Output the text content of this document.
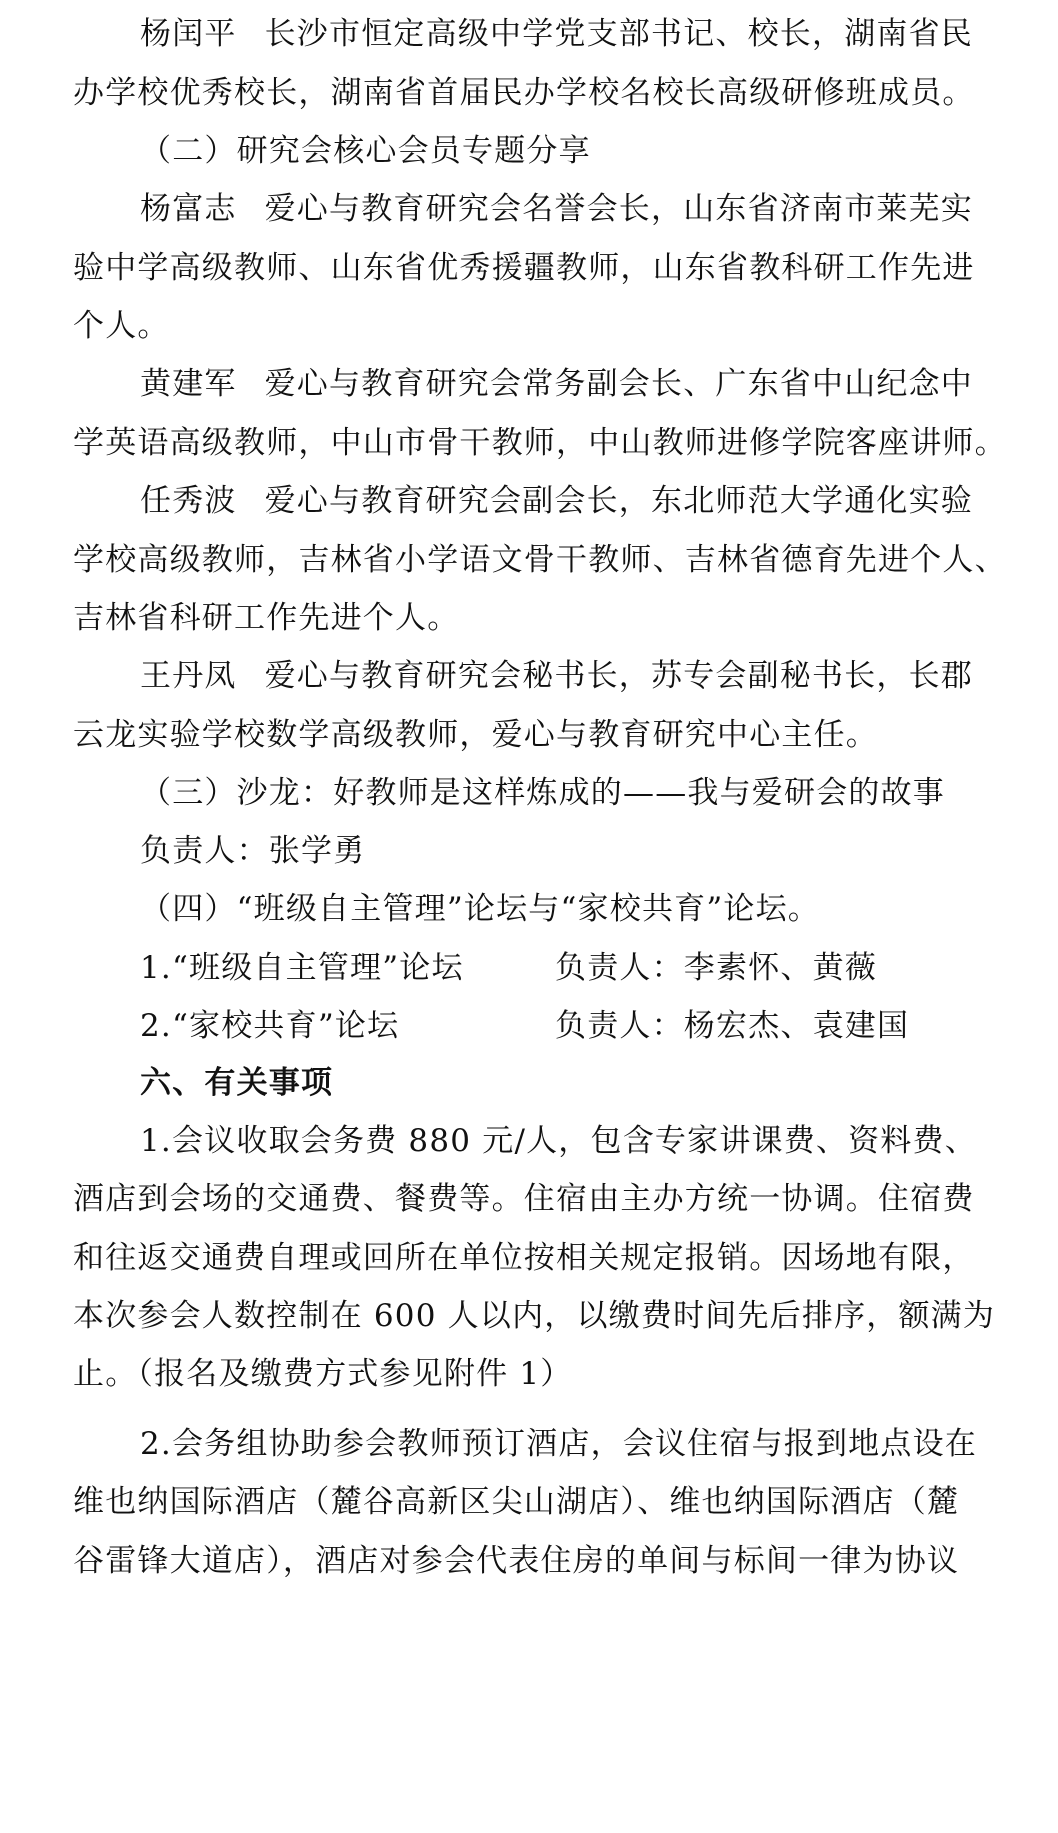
杨闰平 长沙市恒定高级中学党支部书记、校长，湖南省民
办学校优秀校长，湖南省首届民办学校名校长高级研修班成员。
（二）研究会核心会员专题分享
杨富志 爱心与教育研究会名誉会长，山东省济南市莱芜实
验中学高级教师、山东省优秀援疆教师，山东省教科研工作先进
个人。
黄建军 爱心与教育研究会常务副会长、广东省中山纪念中
学英语高级教师，中山市骨干教师，中山教师进修学院客座讲师。
任秀波 爱心与教育研究会副会长，东北师范大学通化实验
学校高级教师，吉林省小学语文骨干教师、吉林省德育先进个人、
吉林省科研工作先进个人。
王丹凤 爱心与教育研究会秘书长，苏专会副秘书长，长郡
云龙实验学校数学高级教师，爱心与教育研究中心主任。
（三）沙龙：好教师是这样炼成的——我与爱研会的故事
负责人：张学勇
（四）“班级自主管理”论坛与“家校共育”论坛。
1.“班级自主管理”论坛	负责人：李素怀、黄薇
2.“家校共育”论坛	负责人：杨宏杰、袁建国
六、有关事项
1.会议收取会务费 880 元/人，包含专家讲课费、资料费、
酒店到会场的交通费、餐费等。住宿由主办方统一协调。住宿费
和往返交通费自理或回所在单位按相关规定报销。因场地有限，
本次参会人数控制在 600 人以内，以缴费时间先后排序，额满为
止。（报名及缴费方式参见附件 1）
2.会务组协助参会教师预订酒店，会议住宿与报到地点设在
维也纳国际酒店（麓谷高新区尖山湖店）、维也纳国际酒店（麓
谷雷锋大道店），酒店对参会代表住房的单间与标间一律为协议
